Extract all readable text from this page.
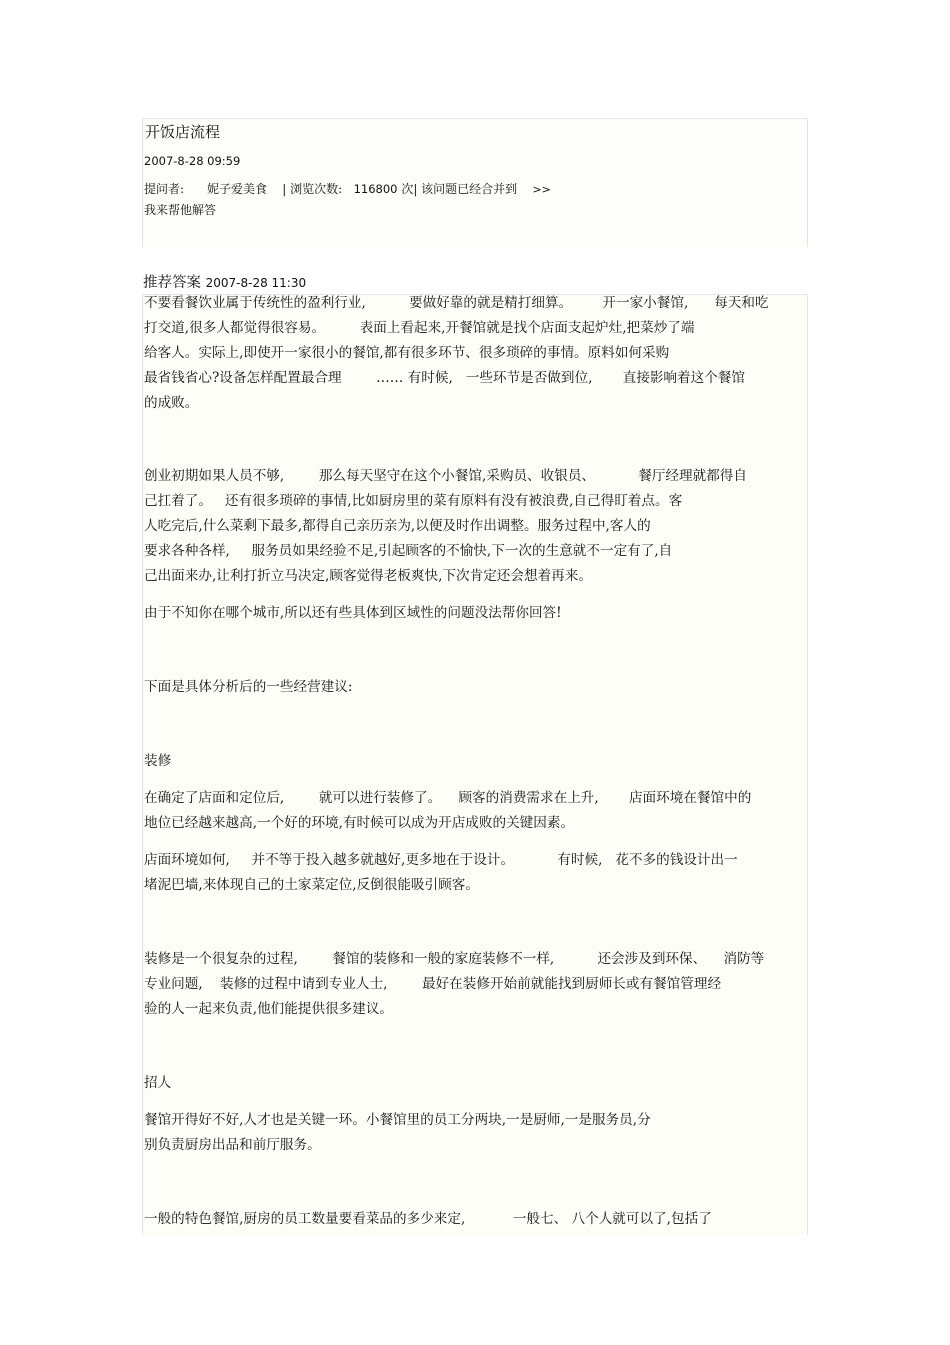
开饭店流程
2007-8-28 09:59
提问者: 妮子爱美食 | 浏览次数: 116800 次| 该问题已经合并到 >>
我来帮他解答
推荐答案 2007-8-28 11:30
不要看餐饮业属于传统性的盈利行业,          要做好靠的就是精打细算。       开一家小餐馆,      每天和吃
打交道,很多人都觉得很容易。        表面上看起来,开餐馆就是找个店面支起炉灶,把菜炒了端
给客人。实际上,即使开一家很小的餐馆,都有很多环节、很多琐碎的事情。原料如何采购
最省钱省心?设备怎样配置最合理        …… 有时候,   一些环节是否做到位,       直接影响着这个餐馆
的成败。
创业初期如果人员不够,        那么每天坚守在这个小餐馆,采购员、收银员、          餐厅经理就都得自
己扛着了。   还有很多琐碎的事情,比如厨房里的菜有原料有没有被浪费,自己得盯着点。客
人吃完后,什么菜剩下最多,都得自己亲历亲为,以便及时作出调整。服务过程中,客人的
要求各种各样,     服务员如果经验不足,引起顾客的不愉快,下一次的生意就不一定有了,自
己出面来办,让利打折立马决定,顾客觉得老板爽快,下次肯定还会想着再来。
由于不知你在哪个城市,所以还有些具体到区域性的问题没法帮你回答!
下面是具体分析后的一些经营建议:
装修
在确定了店面和定位后,        就可以进行装修了。    顾客的消费需求在上升,       店面环境在餐馆中的
地位已经越来越高,一个好的环境,有时候可以成为开店成败的关键因素。
店面环境如何,     并不等于投入越多就越好,更多地在于设计。          有时候,   花不多的钱设计出一
堵泥巴墙,来体现自己的土家菜定位,反倒很能吸引顾客。
装修是一个很复杂的过程,        餐馆的装修和一般的家庭装修不一样,          还会涉及到环保、    消防等
专业问题,    装修的过程中请到专业人士,        最好在装修开始前就能找到厨师长或有餐馆管理经
验的人一起来负责,他们能提供很多建议。
招人
餐馆开得好不好,人才也是关键一环。小餐馆里的员工分两块,一是厨师,一是服务员,分
别负责厨房出品和前厅服务。
一般的特色餐馆,厨房的员工数量要看菜品的多少来定,           一般七、 八个人就可以了,包括了
